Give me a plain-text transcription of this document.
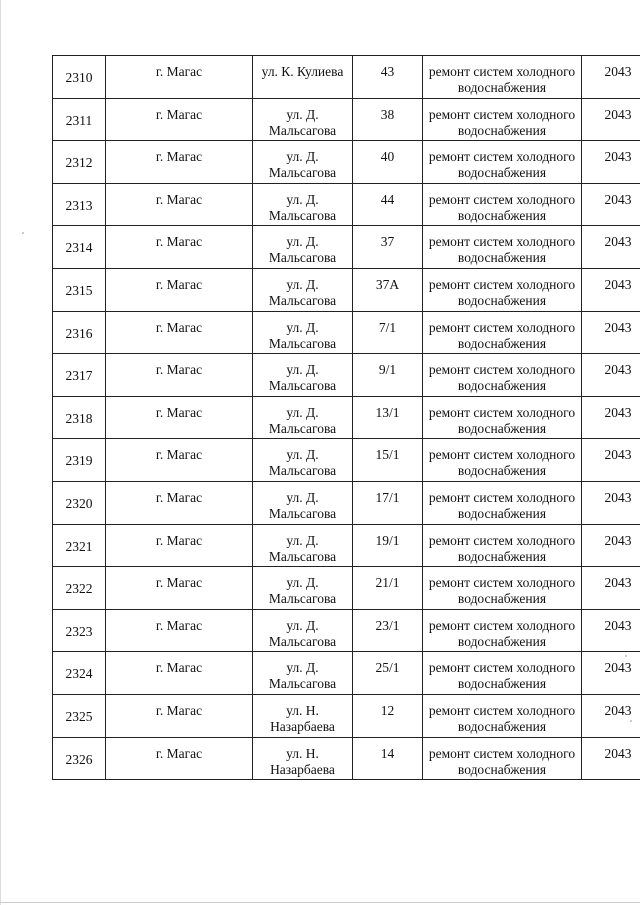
2310	г. Магас	ул. К. Кулиева	43	ремонт систем холодного водоснабжения	2043
2311	г. Магас	ул. Д. Мальсагова	38	ремонт систем холодного водоснабжения	2043
2312	г. Магас	ул. Д. Мальсагова	40	ремонт систем холодного водоснабжения	2043
2313	г. Магас	ул. Д. Мальсагова	44	ремонт систем холодного водоснабжения	2043
2314	г. Магас	ул. Д. Мальсагова	37	ремонт систем холодного водоснабжения	2043
2315	г. Магас	ул. Д. Мальсагова	37А	ремонт систем холодного водоснабжения	2043
2316	г. Магас	ул. Д. Мальсагова	7/1	ремонт систем холодного водоснабжения	2043
2317	г. Магас	ул. Д. Мальсагова	9/1	ремонт систем холодного водоснабжения	2043
2318	г. Магас	ул. Д. Мальсагова	13/1	ремонт систем холодного водоснабжения	2043
2319	г. Магас	ул. Д. Мальсагова	15/1	ремонт систем холодного водоснабжения	2043
2320	г. Магас	ул. Д. Мальсагова	17/1	ремонт систем холодного водоснабжения	2043
2321	г. Магас	ул. Д. Мальсагова	19/1	ремонт систем холодного водоснабжения	2043
2322	г. Магас	ул. Д. Мальсагова	21/1	ремонт систем холодного водоснабжения	2043
2323	г. Магас	ул. Д. Мальсагова	23/1	ремонт систем холодного водоснабжения	2043
2324	г. Магас	ул. Д. Мальсагова	25/1	ремонт систем холодного водоснабжения	2043
2325	г. Магас	ул. Н. Назарбаева	12	ремонт систем холодного водоснабжения	2043
2326	г. Магас	ул. Н. Назарбаева	14	ремонт систем холодного водоснабжения	2043
